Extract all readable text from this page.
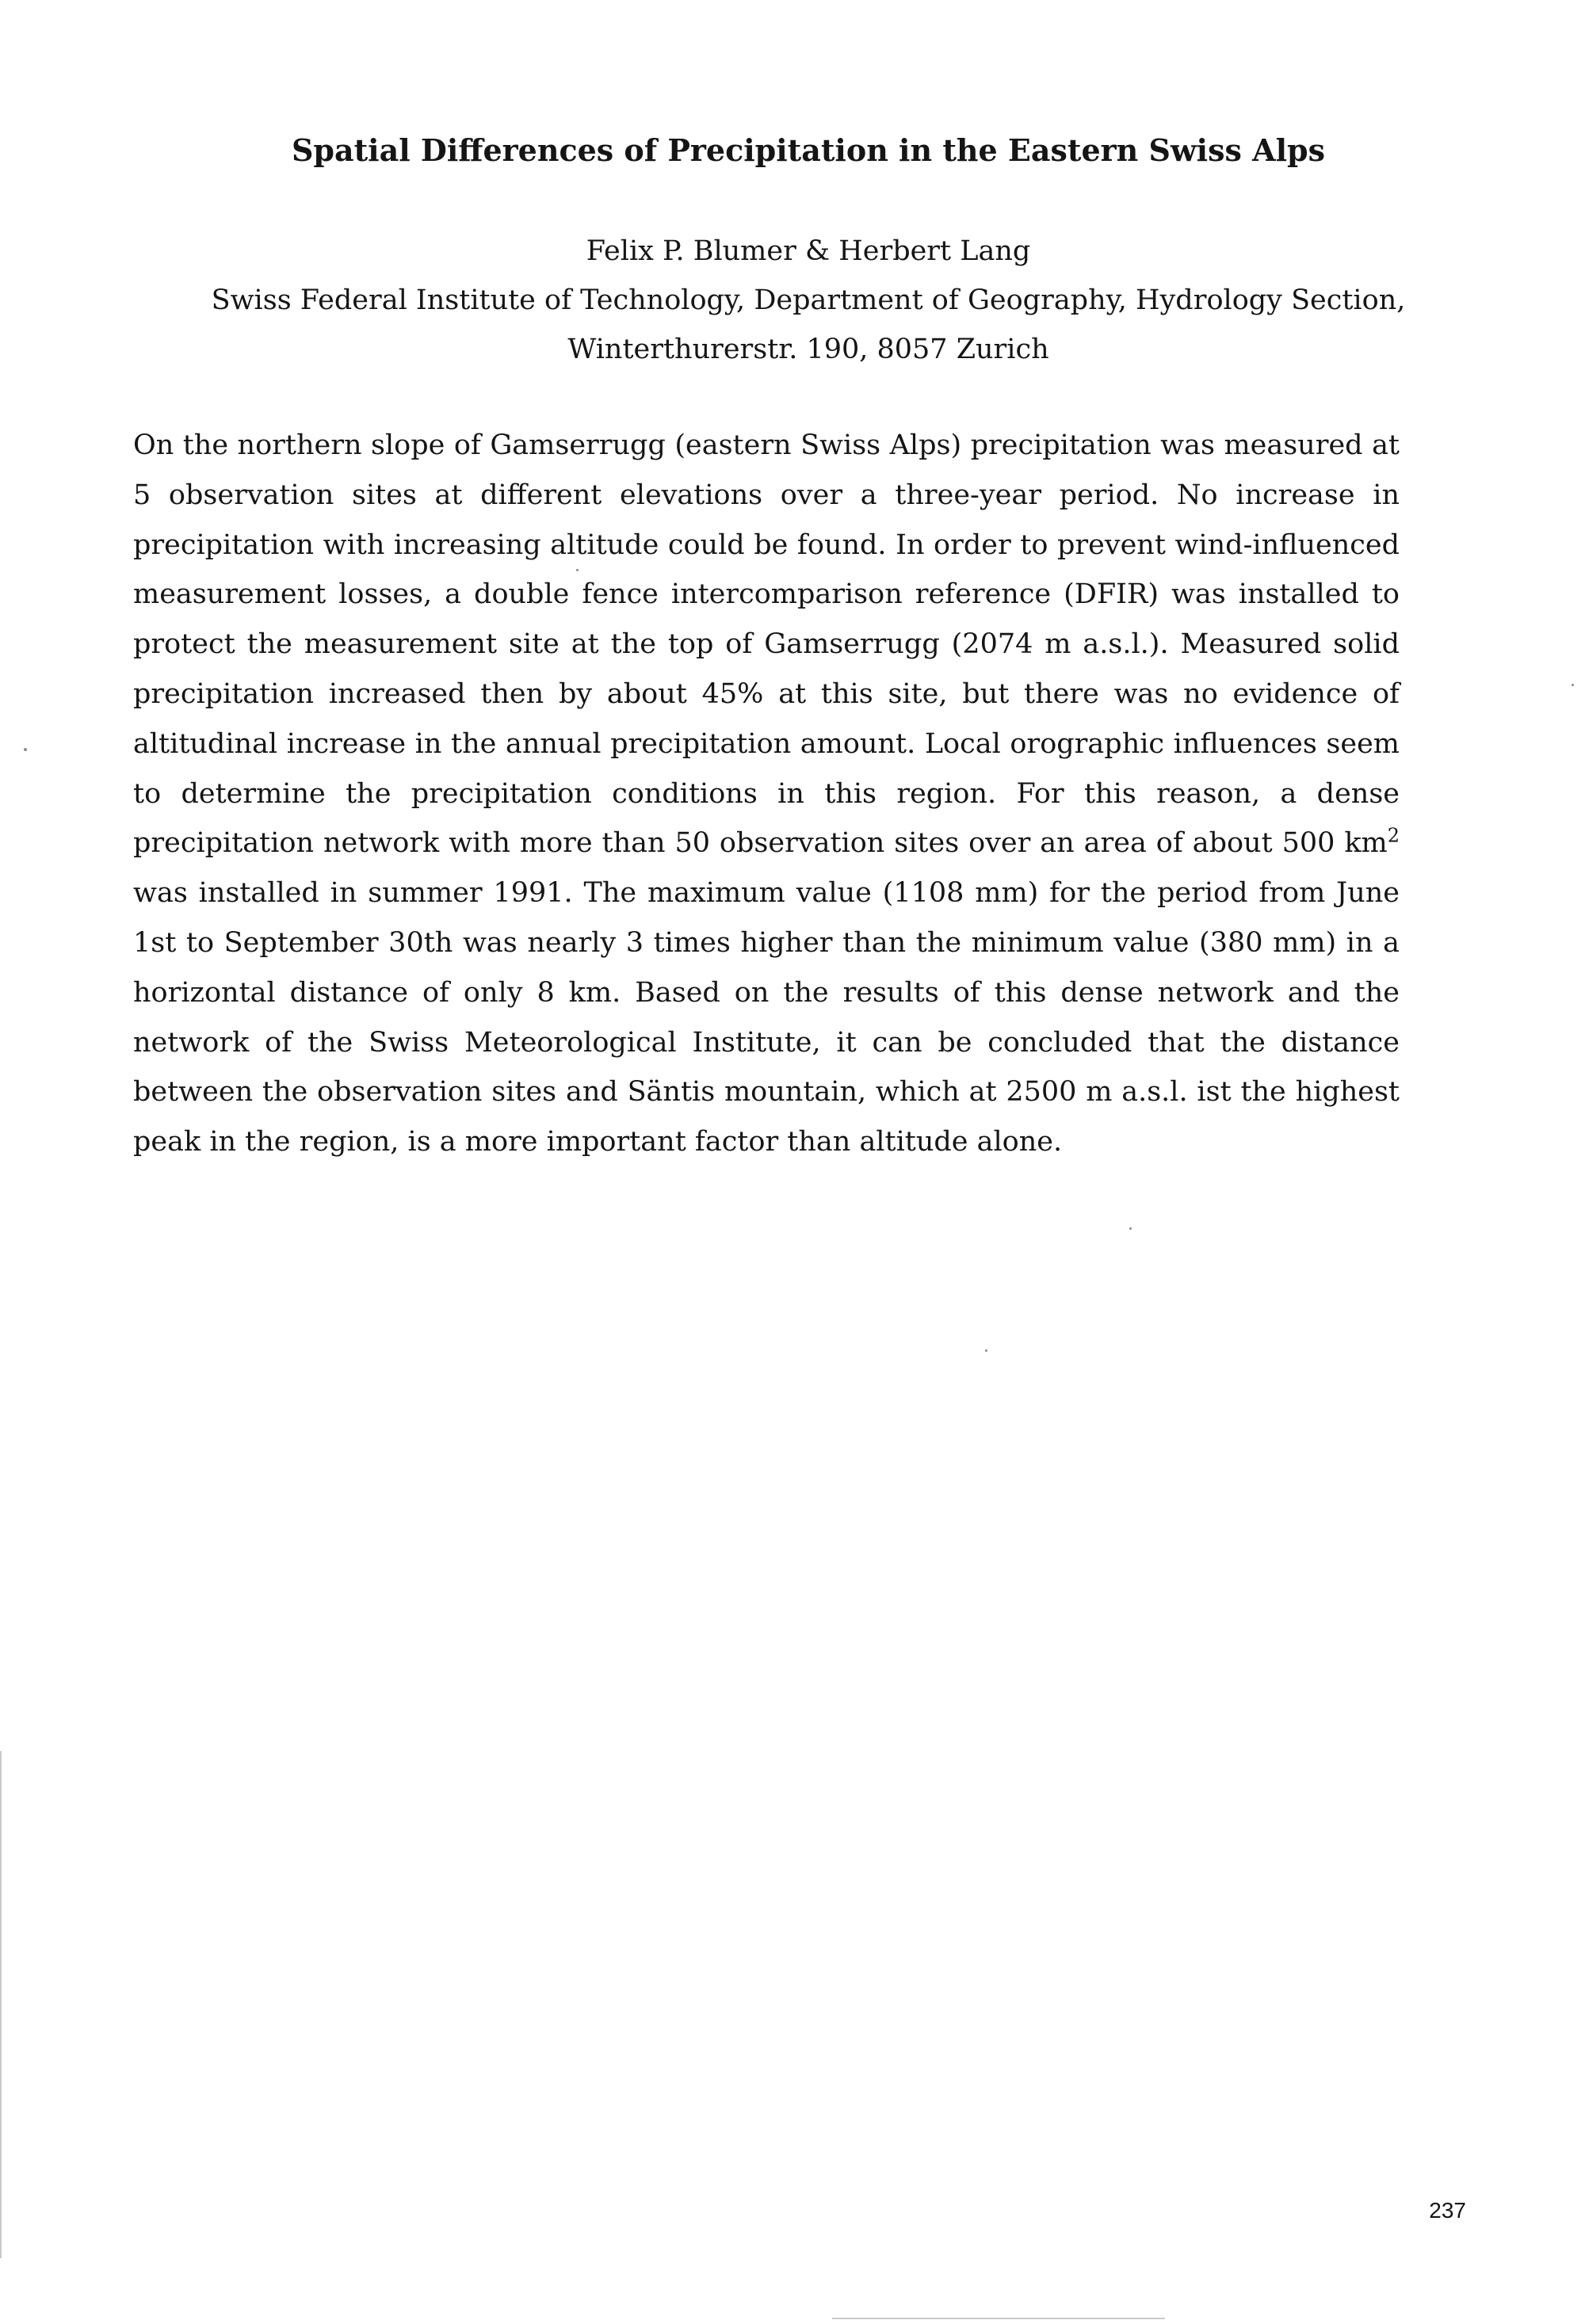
Spatial Differences of Precipitation in the Eastern Swiss Alps

Felix P. Blumer & Herbert Lang

Swiss Federal Institute of Technology, Department of Geography, Hydrology Section,
Winterthurerstr. 190, 8057 Zurich

On the northern slope of Gamserrugg (eastern Swiss Alps) precipitation was measured at 5 observation sites at different elevations over a three-year period. No increase in precipitation with increasing altitude could be found. In order to prevent wind-influenced measurement losses, a double fence intercomparison reference (DFIR) was installed to protect the measurement site at the top of Gamserrugg (2074 m a.s.l.). Measured solid precipitation increased then by about 45% at this site, but there was no evidence of altitudinal increase in the annual precipitation amount. Local orographic influences seem to determine the precipitation conditions in this region. For this reason, a dense precipitation network with more than 50 observation sites over an area of about 500 $km^2$ was installed in summer 1991. The maximum value (1108 mm) for the period from June 1st to September 30th was nearly 3 times higher than the minimum value (380 mm) in a horizontal distance of only 8 km. Based on the results of this dense network and the network of the Swiss Meteorological Institute, it can be concluded that the distance between the observation sites and Säntis mountain, which at 2500 m a.s.l. ist the highest peak in the region, is a more important factor than altitude alone.

237
